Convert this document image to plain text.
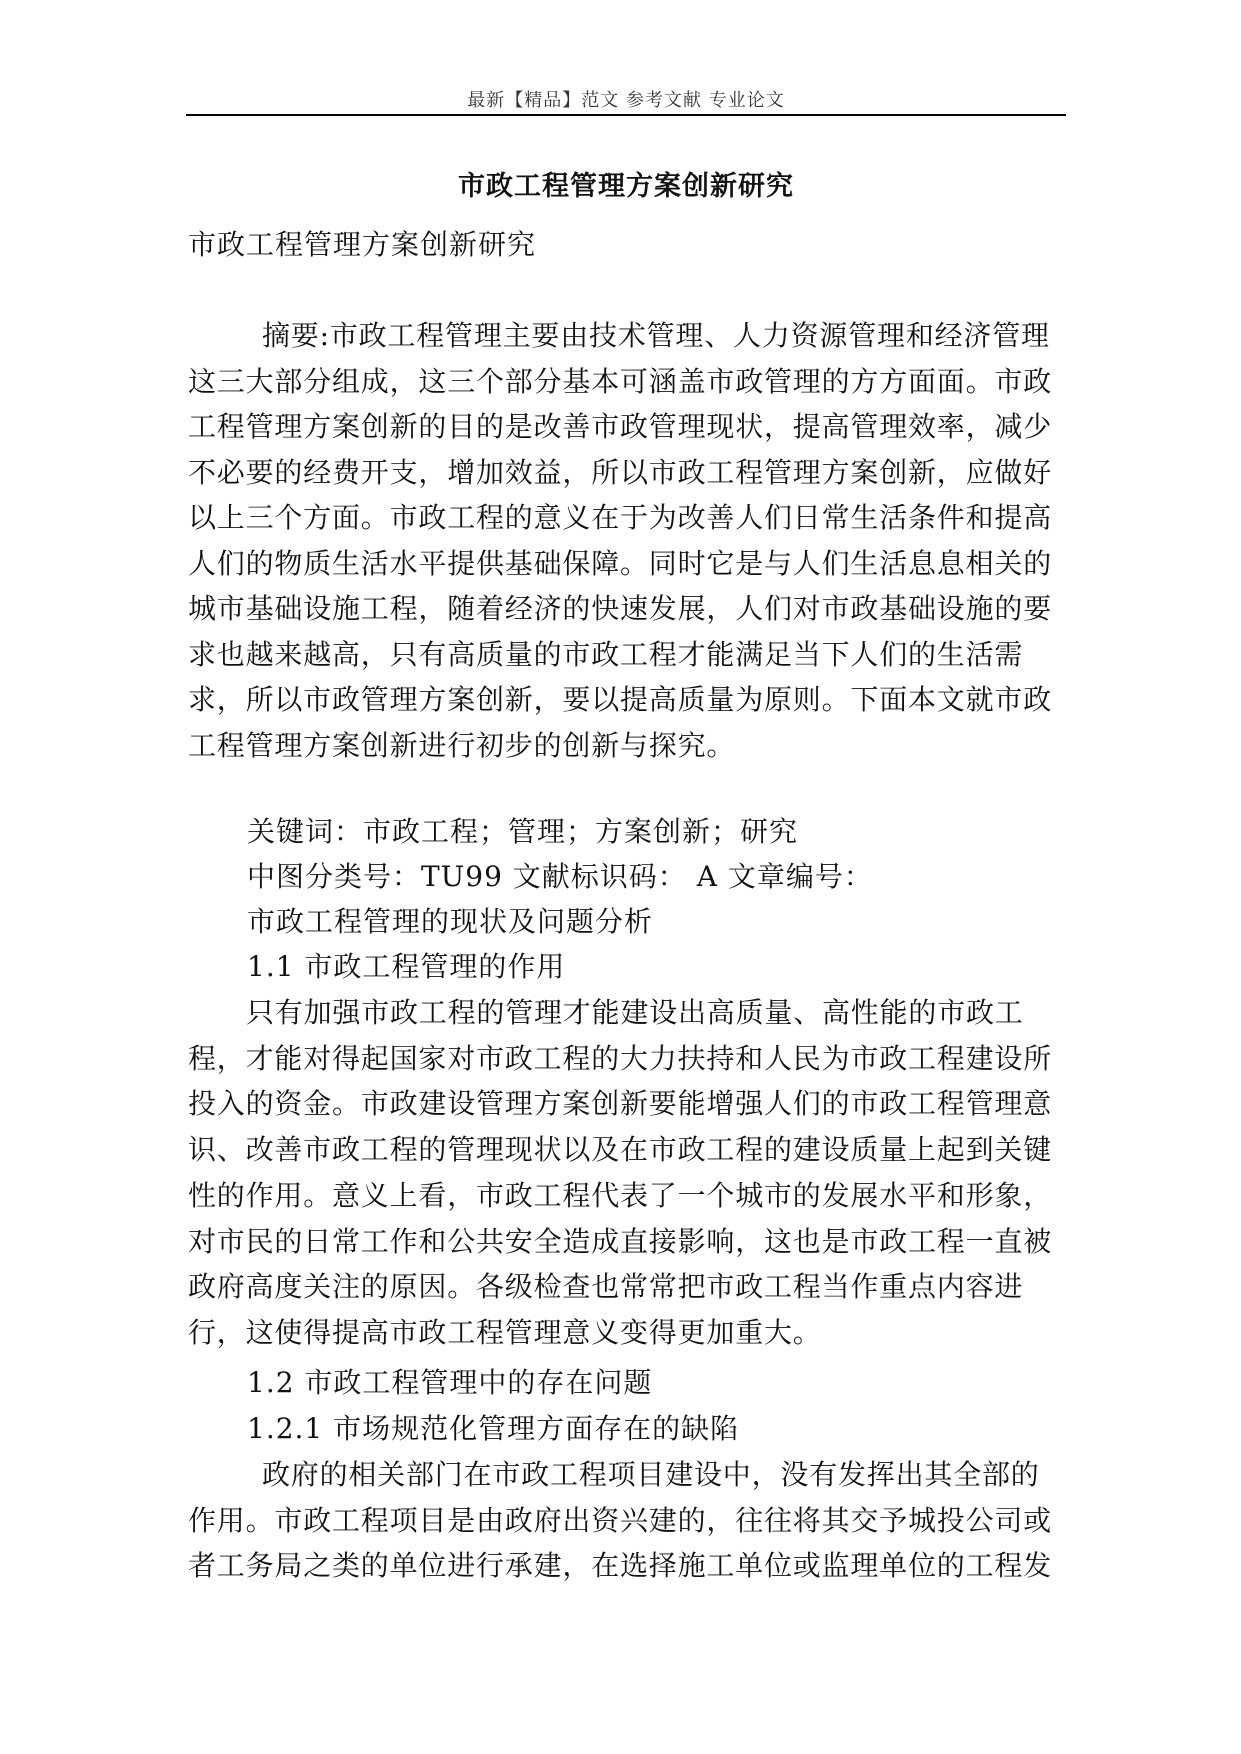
最新【精品】范文 参考文献 专业论文
市政工程管理方案创新研究
市政工程管理方案创新研究

摘要:市政工程管理主要由技术管理、人力资源管理和经济管理这三大部分组成，这三个部分基本可涵盖市政管理的方方面面。市政工程管理方案创新的目的是改善市政管理现状，提高管理效率，减少不必要的经费开支，增加效益，所以市政工程管理方案创新，应做好以上三个方面。市政工程的意义在于为改善人们日常生活条件和提高人们的物质生活水平提供基础保障。同时它是与人们生活息息相关的城市基础设施工程，随着经济的快速发展，人们对市政基础设施的要求也越来越高，只有高质量的市政工程才能满足当下人们的生活需求，所以市政管理方案创新，要以提高质量为原则。下面本文就市政工程管理方案创新进行初步的创新与探究。

关键词：市政工程；管理；方案创新；研究
中图分类号：TU99 文献标识码： A 文章编号：
市政工程管理的现状及问题分析
1.1 市政工程管理的作用

只有加强市政工程的管理才能建设出高质量、高性能的市政工程，才能对得起国家对市政工程的大力扶持和人民为市政工程建设所投入的资金。市政建设管理方案创新要能增强人们的市政工程管理意识、改善市政工程的管理现状以及在市政工程的建设质量上起到关键性的作用。意义上看，市政工程代表了一个城市的发展水平和形象，对市民的日常工作和公共安全造成直接影响，这也是市政工程一直被政府高度关注的原因。各级检查也常常把市政工程当作重点内容进行，这使得提高市政工程管理意义变得更加重大。

1.2 市政工程管理中的存在问题
1.2.1 市场规范化管理方面存在的缺陷

政府的相关部门在市政工程项目建设中，没有发挥出其全部的作用。市政工程项目是由政府出资兴建的，往往将其交予城投公司或者工务局之类的单位进行承建，在选择施工单位或监理单位的工程发
